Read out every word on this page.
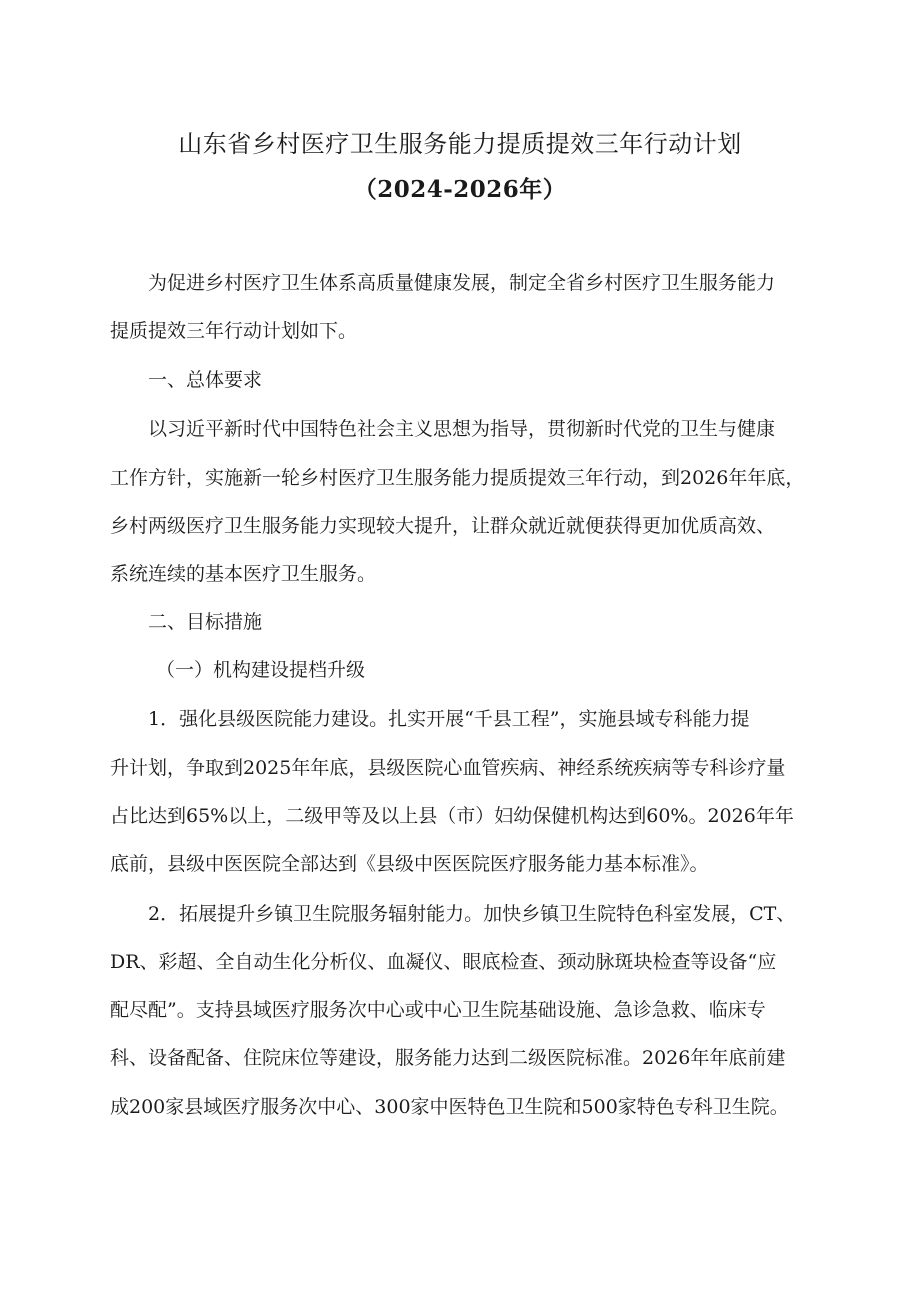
山东省乡村医疗卫生服务能力提质提效三年行动计划
（2024-2026年）
为促进乡村医疗卫生体系高质量健康发展，制定全省乡村医疗卫生服务能力
提质提效三年行动计划如下。
一、总体要求
以习近平新时代中国特色社会主义思想为指导，贯彻新时代党的卫生与健康
工作方针，实施新一轮乡村医疗卫生服务能力提质提效三年行动，到2026年年底，
乡村两级医疗卫生服务能力实现较大提升，让群众就近就便获得更加优质高效、
系统连续的基本医疗卫生服务。
二、目标措施
（一）机构建设提档升级
1．强化县级医院能力建设。扎实开展“千县工程”，实施县域专科能力提
升计划，争取到2025年年底，县级医院心血管疾病、神经系统疾病等专科诊疗量
占比达到65%以上，二级甲等及以上县（市）妇幼保健机构达到60%。2026年年
底前，县级中医医院全部达到《县级中医医院医疗服务能力基本标准》。
2．拓展提升乡镇卫生院服务辐射能力。加快乡镇卫生院特色科室发展，CT、
DR、彩超、全自动生化分析仪、血凝仪、眼底检查、颈动脉斑块检查等设备“应
配尽配”。支持县域医疗服务次中心或中心卫生院基础设施、急诊急救、临床专
科、设备配备、住院床位等建设，服务能力达到二级医院标准。2026年年底前建
成200家县域医疗服务次中心、300家中医特色卫生院和500家特色专科卫生院。
